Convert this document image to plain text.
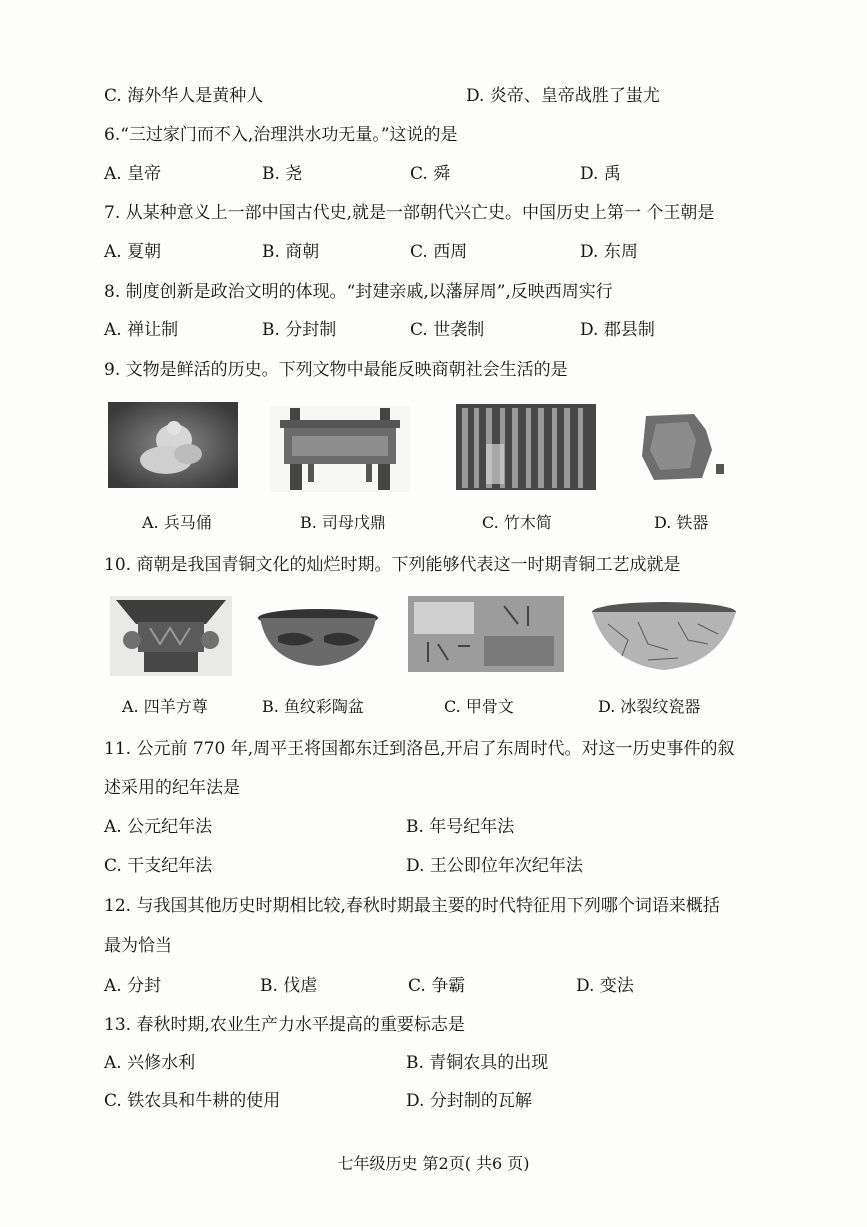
C. 海外华人是黄种人	D. 炎帝、皇帝战胜了蚩尤
6.“三过家门而不入,治理洪水功无量。”这说的是
A. 皇帝	B. 尧	C. 舜	D. 禹
7. 从某种意义上一部中国古代史,就是一部朝代兴亡史。中国历史上第一 个王朝是
A. 夏朝	B. 商朝	C. 西周	D. 东周
8. 制度创新是政治文明的体现。“封建亲戚,以藩屏周”,反映西周实行
A. 禅让制	B. 分封制	C. 世袭制	D. 郡县制
9. 文物是鲜活的历史。下列文物中最能反映商朝社会生活的是
A. 兵马俑	B. 司母戊鼎	C. 竹木简	D. 铁器
10. 商朝是我国青铜文化的灿烂时期。下列能够代表这一时期青铜工艺成就是
A. 四羊方尊	B. 鱼纹彩陶盆	C. 甲骨文	D. 冰裂纹瓷器
11. 公元前 770 年,周平王将国都东迁到洛邑,开启了东周时代。对这一历史事件的叙
述采用的纪年法是
A. 公元纪年法	B. 年号纪年法
C. 干支纪年法	D. 王公即位年次纪年法
12. 与我国其他历史时期相比较,春秋时期最主要的时代特征用下列哪个词语来概括
最为恰当
A. 分封	B. 伐虐	C. 争霸	D. 变法
13. 春秋时期,农业生产力水平提高的重要标志是
A. 兴修水利	B. 青铜农具的出现
C. 铁农具和牛耕的使用	D. 分封制的瓦解
七年级历史 第2页( 共6 页)
